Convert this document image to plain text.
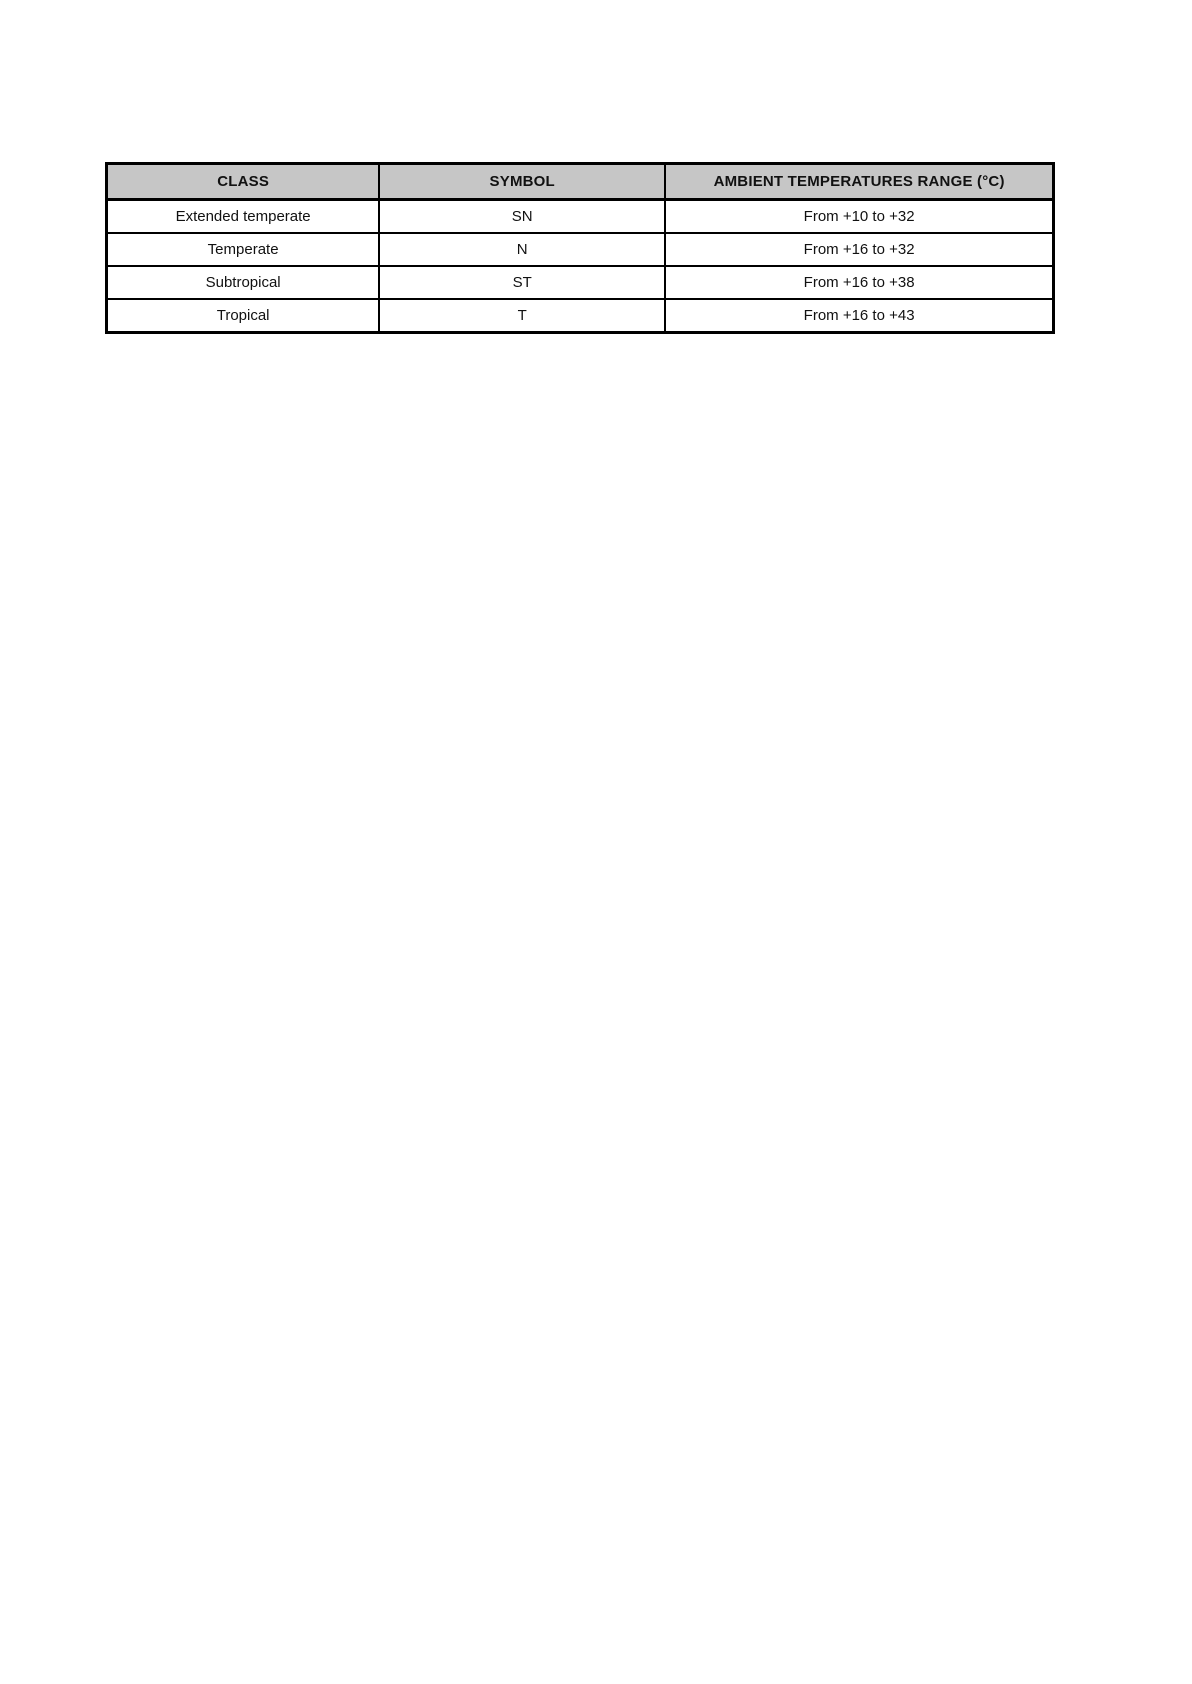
CLASS	SYMBOL	AMBIENT TEMPERATURES RANGE (°C)
Extended temperate	SN	From +10 to +32
Temperate	N	From +16 to +32
Subtropical	ST	From +16 to +38
Tropical	T	From +16 to +43
